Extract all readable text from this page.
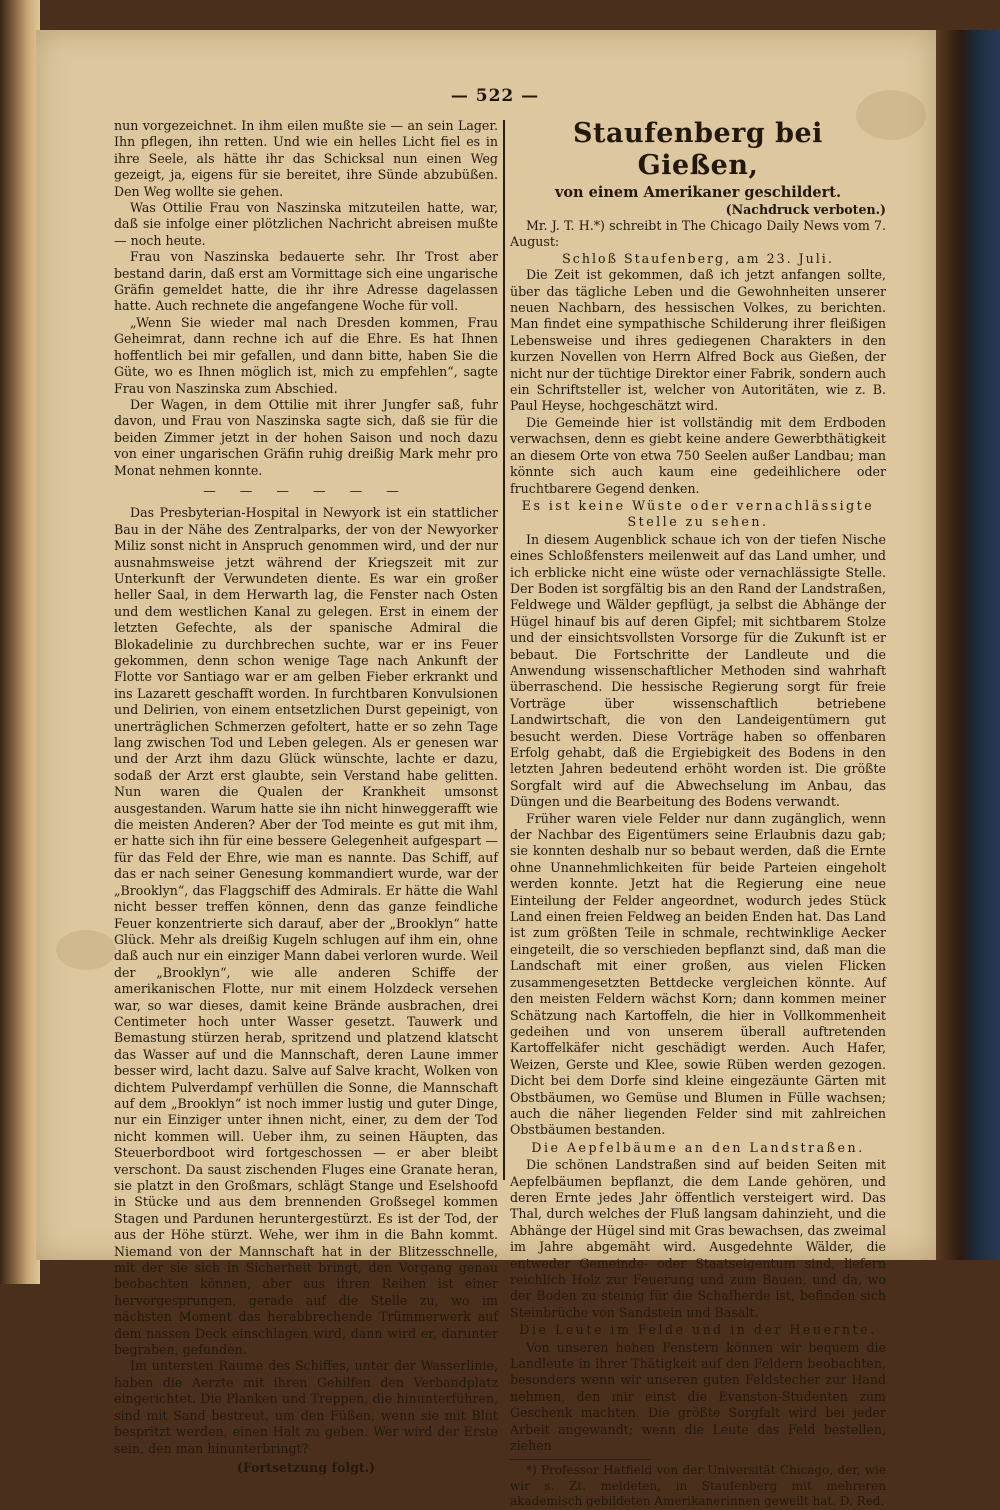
— 522 —

nun vorgezeichnet. In ihm eilen mußte sie — an sein Lager. Ihn pflegen, ihn retten. Und wie ein helles Licht fiel es in ihre Seele, als hätte ihr das Schicksal nun einen Weg gezeigt, ja, eigens für sie bereitet, ihre Sünde abzubüßen. Den Weg wollte sie gehen.

Was Ottilie Frau von Naszinska mitzuteilen hatte, war, daß sie infolge einer plötzlichen Nachricht abreisen mußte — noch heute.

Frau von Naszinska bedauerte sehr. Ihr Trost aber bestand darin, daß erst am Vormittage sich eine ungarische Gräfin gemeldet hatte, die ihr ihre Adresse dagelassen hatte. Auch rechnete die angefangene Woche für voll.

„Wenn Sie wieder mal nach Dresden kommen, Frau Geheimrat, dann rechne ich auf die Ehre. Es hat Ihnen hoffentlich bei mir gefallen, und dann bitte, haben Sie die Güte, wo es Ihnen möglich ist, mich zu empfehlen“, sagte Frau von Naszinska zum Abschied.

Der Wagen, in dem Ottilie mit ihrer Jungfer saß, fuhr davon, und Frau von Naszinska sagte sich, daß sie für die beiden Zimmer jetzt in der hohen Saison und noch dazu von einer ungarischen Gräfin ruhig dreißig Mark mehr pro Monat nehmen konnte.

— — — — — —

Das Presbyterian-Hospital in Newyork ist ein stattlicher Bau in der Nähe des Zentralparks, der von der Newyorker Miliz sonst nicht in Anspruch genommen wird, und der nur ausnahmsweise jetzt während der Kriegszeit mit zur Unterkunft der Verwundeten diente. Es war ein großer heller Saal, in dem Herwarth lag, die Fenster nach Osten und dem westlichen Kanal zu gelegen. Erst in einem der letzten Gefechte, als der spanische Admiral die Blokadelinie zu durchbrechen suchte, war er ins Feuer gekommen, denn schon wenige Tage nach Ankunft der Flotte vor Santiago war er am gelben Fieber erkrankt und ins Lazarett geschafft worden. In furchtbaren Konvulsionen und Delirien, von einem entsetzlichen Durst gepeinigt, von unerträglichen Schmerzen gefoltert, hatte er so zehn Tage lang zwischen Tod und Leben gelegen. Als er genesen war und der Arzt ihm dazu Glück wünschte, lachte er dazu, sodaß der Arzt erst glaubte, sein Verstand habe gelitten. Nun waren die Qualen der Krankheit umsonst ausgestanden. Warum hatte sie ihn nicht hinweggerafft wie die meisten Anderen? Aber der Tod meinte es gut mit ihm, er hatte sich ihn für eine bessere Gelegenheit aufgespart — für das Feld der Ehre, wie man es nannte. Das Schiff, auf das er nach seiner Genesung kommandiert wurde, war der „Brooklyn“, das Flaggschiff des Admirals. Er hätte die Wahl nicht besser treffen können, denn das ganze feindliche Feuer konzentrierte sich darauf, aber der „Brooklyn“ hatte Glück. Mehr als dreißig Kugeln schlugen auf ihm ein, ohne daß auch nur ein einziger Mann dabei verloren wurde. Weil der „Brooklyn“, wie alle anderen Schiffe der amerikanischen Flotte, nur mit einem Holzdeck versehen war, so war dieses, damit keine Brände ausbrachen, drei Centimeter hoch unter Wasser gesetzt. Tauwerk und Bemastung stürzen herab, spritzend und platzend klatscht das Wasser auf und die Mannschaft, deren Laune immer besser wird, lacht dazu. Salve auf Salve kracht, Wolken von dichtem Pulverdampf verhüllen die Sonne, die Mannschaft auf dem „Brooklyn“ ist noch immer lustig und guter Dinge, nur ein Einziger unter ihnen nicht, einer, zu dem der Tod nicht kommen will. Ueber ihm, zu seinen Häupten, das Steuerbordboot wird fortgeschossen — er aber bleibt verschont. Da saust zischenden Fluges eine Granate heran, sie platzt in den Großmars, schlägt Stange und Eselshoofd in Stücke und aus dem brennenden Großsegel kommen Stagen und Pardunen heruntergestürzt. Es ist der Tod, der aus der Höhe stürzt. Wehe, wer ihm in die Bahn kommt. Niemand von der Mannschaft hat in der Blitzesschnelle, mit der sie sich in Sicherheit bringt, den Vorgang genau beobachten können, aber aus ihren Reihen ist einer hervorgesprungen, gerade auf die Stelle zu, wo im nächsten Moment das herabbrechende Trümmerwerk auf dem nassen Deck einschlagen wird, dann wird er, darunter begraben, gefunden.

Im untersten Raume des Schiffes, unter der Wasserlinie, haben die Aerzte mit ihren Gehilfen den Verbandplatz eingerichtet. Die Planken und Treppen, die hinunterführen, sind mit Sand bestreut, um den Füßen, wenn sie mit Blut bespritzt werden, einen Halt zu geben. Wer wird der Erste sein, den man hinunterbringt?

(Fortsetzung folgt.)

Staufenberg bei Gießen,
von einem Amerikaner geschildert.
(Nachdruck verboten.)

Mr. J. T. H.*) schreibt in The Chicago Daily News vom 7. August:

Schloß Staufenberg, am 23. Juli.

Die Zeit ist gekommen, daß ich jetzt anfangen sollte, über das tägliche Leben und die Gewohnheiten unserer neuen Nachbarn, des hessischen Volkes, zu berichten. Man findet eine sympathische Schilderung ihrer fleißigen Lebensweise und ihres gediegenen Charakters in den kurzen Novellen von Herrn Alfred Bock aus Gießen, der nicht nur der tüchtige Direktor einer Fabrik, sondern auch ein Schriftsteller ist, welcher von Autoritäten, wie z. B. Paul Heyse, hochgeschätzt wird.

Die Gemeinde hier ist vollständig mit dem Erdboden verwachsen, denn es giebt keine andere Gewerbthätigkeit an diesem Orte von etwa 750 Seelen außer Landbau; man könnte sich auch kaum eine gedeihlichere oder fruchtbarere Gegend denken.

Es ist keine Wüste oder vernachlässigte Stelle zu sehen.

In diesem Augenblick schaue ich von der tiefen Nische eines Schloßfensters meilenweit auf das Land umher, und ich erblicke nicht eine wüste oder vernachlässigte Stelle. Der Boden ist sorgfältig bis an den Rand der Landstraßen, Feldwege und Wälder gepflügt, ja selbst die Abhänge der Hügel hinauf bis auf deren Gipfel; mit sichtbarem Stolze und der einsichtsvollsten Vorsorge für die Zukunft ist er bebaut. Die Fortschritte der Landleute und die Anwendung wissenschaftlicher Methoden sind wahrhaft überraschend. Die hessische Regierung sorgt für freie Vorträge über wissenschaftlich betriebene Landwirtschaft, die von den Landeigentümern gut besucht werden. Diese Vorträge haben so offenbaren Erfolg gehabt, daß die Ergiebigkeit des Bodens in den letzten Jahren bedeutend erhöht worden ist. Die größte Sorgfalt wird auf die Abwechselung im Anbau, das Düngen und die Bearbeitung des Bodens verwandt.

Früher waren viele Felder nur dann zugänglich, wenn der Nachbar des Eigentümers seine Erlaubnis dazu gab; sie konnten deshalb nur so bebaut werden, daß die Ernte ohne Unannehmlichkeiten für beide Parteien eingeholt werden konnte. Jetzt hat die Regierung eine neue Einteilung der Felder angeordnet, wodurch jedes Stück Land einen freien Feldweg an beiden Enden hat. Das Land ist zum größten Teile in schmale, rechtwinklige Aecker eingeteilt, die so verschieden bepflanzt sind, daß man die Landschaft mit einer großen, aus vielen Flicken zusammengesetzten Bettdecke vergleichen könnte. Auf den meisten Feldern wächst Korn; dann kommen meiner Schätzung nach Kartoffeln, die hier in Vollkommenheit gedeihen und von unserem überall auftretenden Kartoffelkäfer nicht geschädigt werden. Auch Hafer, Weizen, Gerste und Klee, sowie Rüben werden gezogen. Dicht bei dem Dorfe sind kleine eingezäunte Gärten mit Obstbäumen, wo Gemüse und Blumen in Fülle wachsen; auch die näher liegenden Felder sind mit zahlreichen Obstbäumen bestanden.

Die Aepfelbäume an den Landstraßen.

Die schönen Landstraßen sind auf beiden Seiten mit Aepfelbäumen bepflanzt, die dem Lande gehören, und deren Ernte jedes Jahr öffentlich versteigert wird. Das Thal, durch welches der Fluß langsam dahinzieht, und die Abhänge der Hügel sind mit Gras bewachsen, das zweimal im Jahre abgemäht wird. Ausgedehnte Wälder, die entweder Gemeinde- oder Staatseigentum sind, liefern reichlich Holz zur Feuerung und zum Bauen, und da, wo der Boden zu steinig für die Schafherde ist, befinden sich Steinbrüche von Sandstein und Basalt.

Die Leute im Felde und in der Heuernte.

Von unseren hohen Fenstern können wir bequem die Landleute in ihrer Thätigkeit auf den Feldern beobachten, besonders wenn wir unseren guten Feldstecher zur Hand nehmen, den mir einst die Evanston-Studenten zum Geschenk machten. Die größte Sorgfalt wird bei jeder Arbeit angewandt; wenn die Leute das Feld bestellen, ziehen

*) Professor Hatfield von der Universität Chicago, der, wie wir s. Zt. meldeten, in Staufenberg mit mehreren akademisch gebildeten Amerikanerinnen geweilt hat. D. Red.
